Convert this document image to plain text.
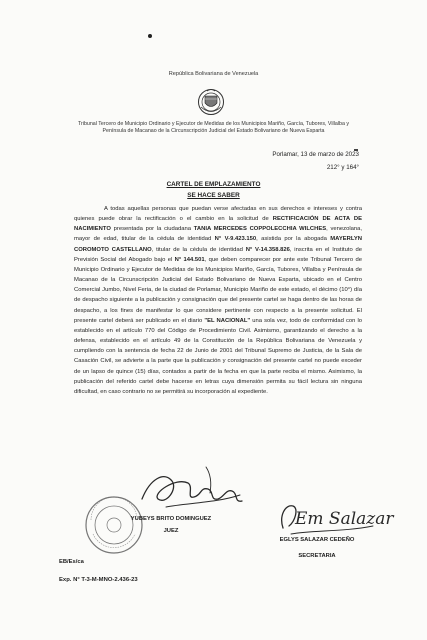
República Bolivariana de Venezuela
Tribunal Tercero de Municipio Ordinario y Ejecutor de Medidas de los Municipios Mariño, García, Tubores, Villalba y Península de Macanao de la Circunscripción Judicial del Estado Bolivariano de Nueva Esparta
Porlamar, 13 de marzo de 2023
212° y 164°
CARTEL DE EMPLAZAMIENTO
SE HACE SABER
A todas aquellas personas que puedan verse afectadas en sus derechos e intereses y contra quienes puede obrar la rectificación o el cambio en la solicitud de RECTIFICACIÓN DE ACTA DE NACIMIENTO presentada por la ciudadana TANIA MERCEDES COPPOLECCHIA WILCHES, venezolana, mayor de edad, titular de la cédula de identidad N° V-9.423.150, asistida por la abogada MAYERLYN COROMOTO CASTELLANO, titular de la cédula de identidad N° V-14.358.826, inscrita en el Instituto de Previsión Social del Abogado bajo el N° 144.501, que deben comparecer por ante este Tribunal Tercero de Municipio Ordinario y Ejecutor de Medidas de los Municipios Mariño, García, Tubores, Villalba y Península de Macanao de la Circunscripción Judicial del Estado Bolivariano de Nueva Esparta, ubicado en el Centro Comercial Jumbo, Nivel Feria, de la ciudad de Porlamar, Municipio Mariño de este estado, el décimo (10°) día de despacho siguiente a la publicación y consignación que del presente cartel se haga dentro de las horas de despacho, a los fines de manifestar lo que considere pertinente con respecto a la presente solicitud. El presente cartel deberá ser publicado en el diario "EL NACIONAL" una sola vez, todo de conformidad con lo establecido en el artículo 770 del Código de Procedimiento Civil. Asimismo, garantizando el derecho a la defensa, establecido en el artículo 49 de la Constitución de la República Bolivariana de Venezuela y cumpliendo con la sentencia de fecha 22 de Junio de 2001 del Tribunal Supremo de Justicia, de la Sala de Casación Civil, se advierte a la parte que la publicación y consignación del presente cartel no puede exceder de un lapso de quince (15) días, contados a partir de la fecha en que la parte reciba el mismo. Asimismo, la publicación del referido cartel debe hacerse en letras cuya dimensión permita su fácil lectura sin ninguna dificultad, en caso contrario no se permitirá su incorporación al expediente.
YUBEYS BRITO DOMINGUEZ
JUEZ
Em Salazar
EGLYS SALAZAR CEDEÑO
SECRETARIA
EB/Es/ca
Exp. N° T-3-M-MNO-2.436-23
